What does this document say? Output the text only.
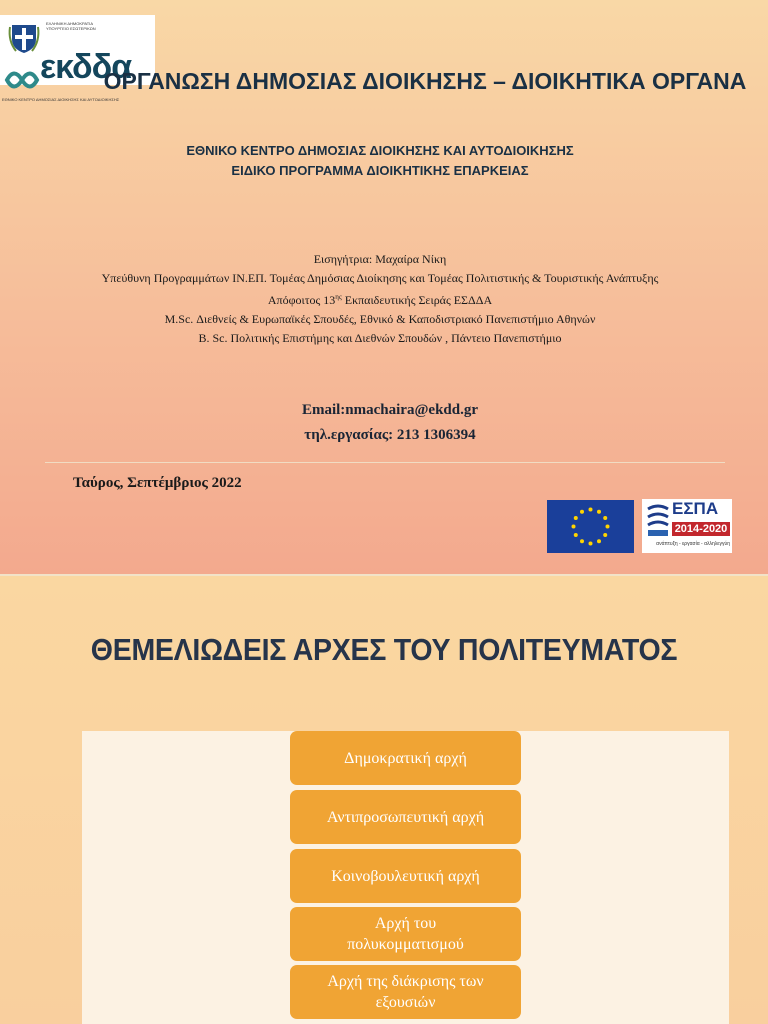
ΕΛΛΗΝΙΚΗ ΔΗΜΟΚΡΑΤΙΑ
ΥΠΟΥΡΓΕΙΟ ΕΣΩΤΕΡΙΚΩΝ
εκδδα
ΕΘΝΙΚΟ ΚΕΝΤΡΟ ΔΗΜΟΣΙΑΣ ΔΙΟΙΚΗΣΗΣ ΚΑΙ ΑΥΤΟΔΙΟΙΚΗΣΗΣ
ΟΡΓΑΝΩΣΗ ΔΗΜΟΣΙΑΣ ΔΙΟΙΚΗΣΗΣ – ΔΙΟΙΚΗΤΙΚΑ ΟΡΓΑΝΑ
ΕΘΝΙΚΟ ΚΕΝΤΡΟ ΔΗΜΟΣΙΑΣ ΔΙΟΙΚΗΣΗΣ ΚΑΙ ΑΥΤΟΔΙΟΙΚΗΣΗΣ
ΕΙΔΙΚΟ ΠΡΟΓΡΑΜΜΑ ΔΙΟΙΚΗΤΙΚΗΣ ΕΠΑΡΚΕΙΑΣ
Εισηγήτρια: Μαχαίρα Νίκη
Υπεύθυνη Προγραμμάτων ΙΝ.ΕΠ. Τομέας Δημόσιας Διοίκησης και Τομέας Πολιτιστικής & Τουριστικής Ανάπτυξης
Απόφοιτος $13^{\eta\varsigma}$ Εκπαιδευτικής Σειράς ΕΣΔΔΑ
M.Sc. Διεθνείς & Ευρωπαϊκές Σπουδές, Εθνικό & Καποδιστριακό Πανεπιστήμιο Αθηνών
B. Sc. Πολιτικής Επιστήμης και Διεθνών Σπουδών , Πάντειο Πανεπιστήμιο
Email:nmachaira@ekdd.gr
τηλ.εργασίας: 213 1306394
Ταύρος, Σεπτέμβριος 2022
ΕΣΠΑ
2014-2020
ανάπτυξη - εργασία - αλληλεγγύη
ΘΕΜΕΛΙΩΔΕΙΣ ΑΡΧΕΣ ΤΟΥ ΠΟΛΙΤΕΥΜΑΤΟΣ
Δημοκρατική αρχή
Αντιπροσωπευτική αρχή
Κοινοβουλευτική αρχή
Αρχή του πολυκομματισμού
Αρχή της διάκρισης των εξουσιών
